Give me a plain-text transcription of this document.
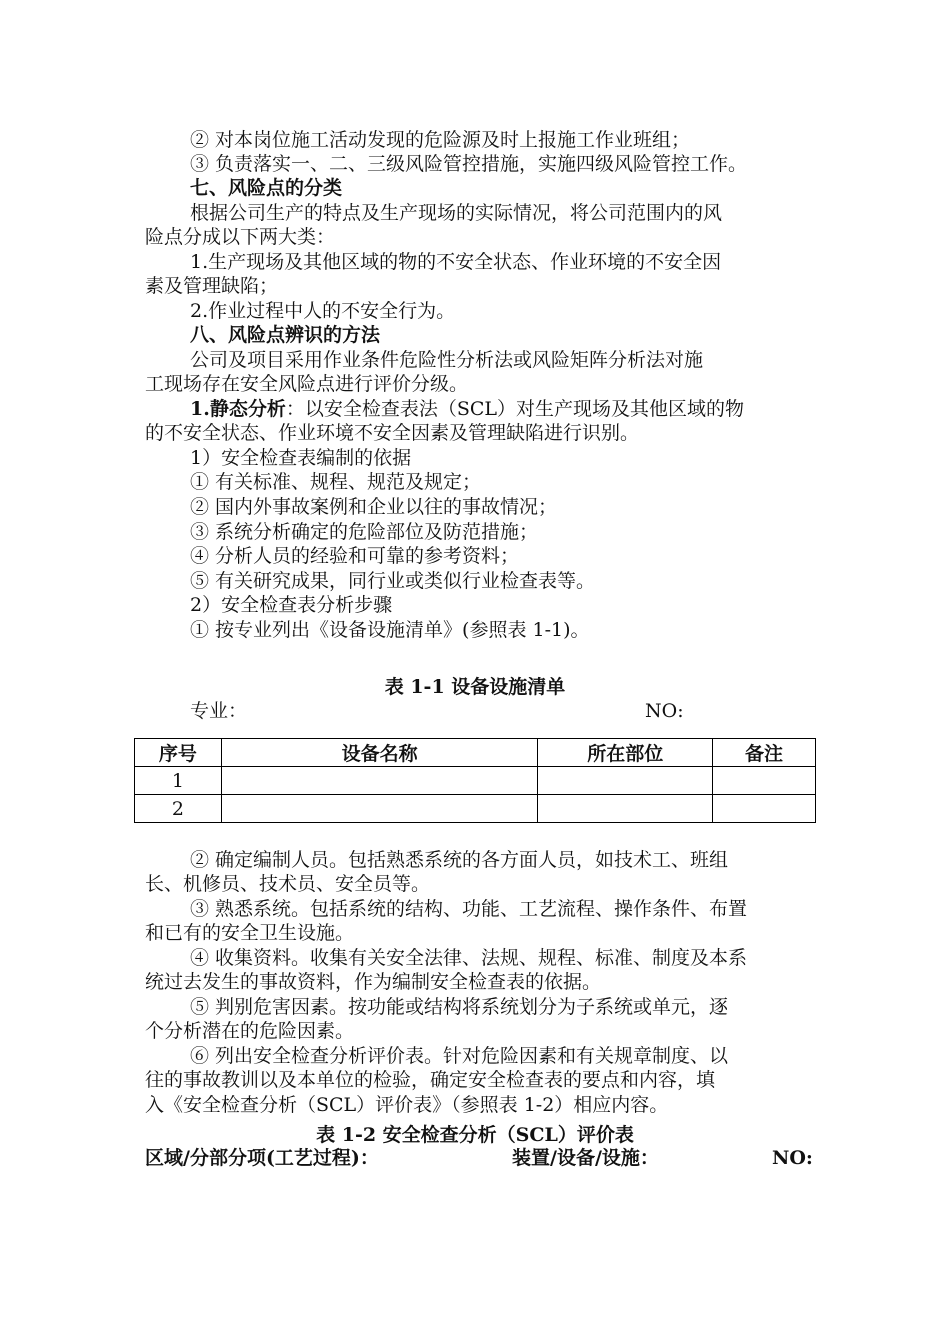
② 对本岗位施工活动发现的危险源及时上报施工作业班组；
③ 负责落实一、二、三级风险管控措施，实施四级风险管控工作。
七、风险点的分类
根据公司生产的特点及生产现场的实际情况，将公司范围内的风
险点分成以下两大类：
1.生产现场及其他区域的物的不安全状态、作业环境的不安全因
素及管理缺陷；
2.作业过程中人的不安全行为。
八、风险点辨识的方法
公司及项目采用作业条件危险性分析法或风险矩阵分析法对施
工现场存在安全风险点进行评价分级。
1.静态分析：以安全检查表法（SCL）对生产现场及其他区域的物
的不安全状态、作业环境不安全因素及管理缺陷进行识别。
1）安全检查表编制的依据
① 有关标准、规程、规范及规定；
② 国内外事故案例和企业以往的事故情况；
③ 系统分析确定的危险部位及防范措施；
④ 分析人员的经验和可靠的参考资料；
⑤ 有关研究成果，同行业或类似行业检查表等。
2）安全检查表分析步骤
① 按专业列出《设备设施清单》(参照表 1-1)。
表 1-1 设备设施清单
专业：	NO:
序号	设备名称	所在部位	备注
1			
2			
② 确定编制人员。包括熟悉系统的各方面人员，如技术工、班组
长、机修员、技术员、安全员等。
③ 熟悉系统。包括系统的结构、功能、工艺流程、操作条件、布置
和已有的安全卫生设施。
④ 收集资料。收集有关安全法律、法规、规程、标准、制度及本系
统过去发生的事故资料，作为编制安全检查表的依据。
⑤ 判别危害因素。按功能或结构将系统划分为子系统或单元，逐
个分析潜在的危险因素。
⑥ 列出安全检查分析评价表。针对危险因素和有关规章制度、以
往的事故教训以及本单位的检验，确定安全检查表的要点和内容，填
入《安全检查分析（SCL）评价表》（参照表 1-2）相应内容。
表 1-2 安全检查分析（SCL）评价表
区域/分部分项(工艺过程)：	装置/设备/设施：	NO:
